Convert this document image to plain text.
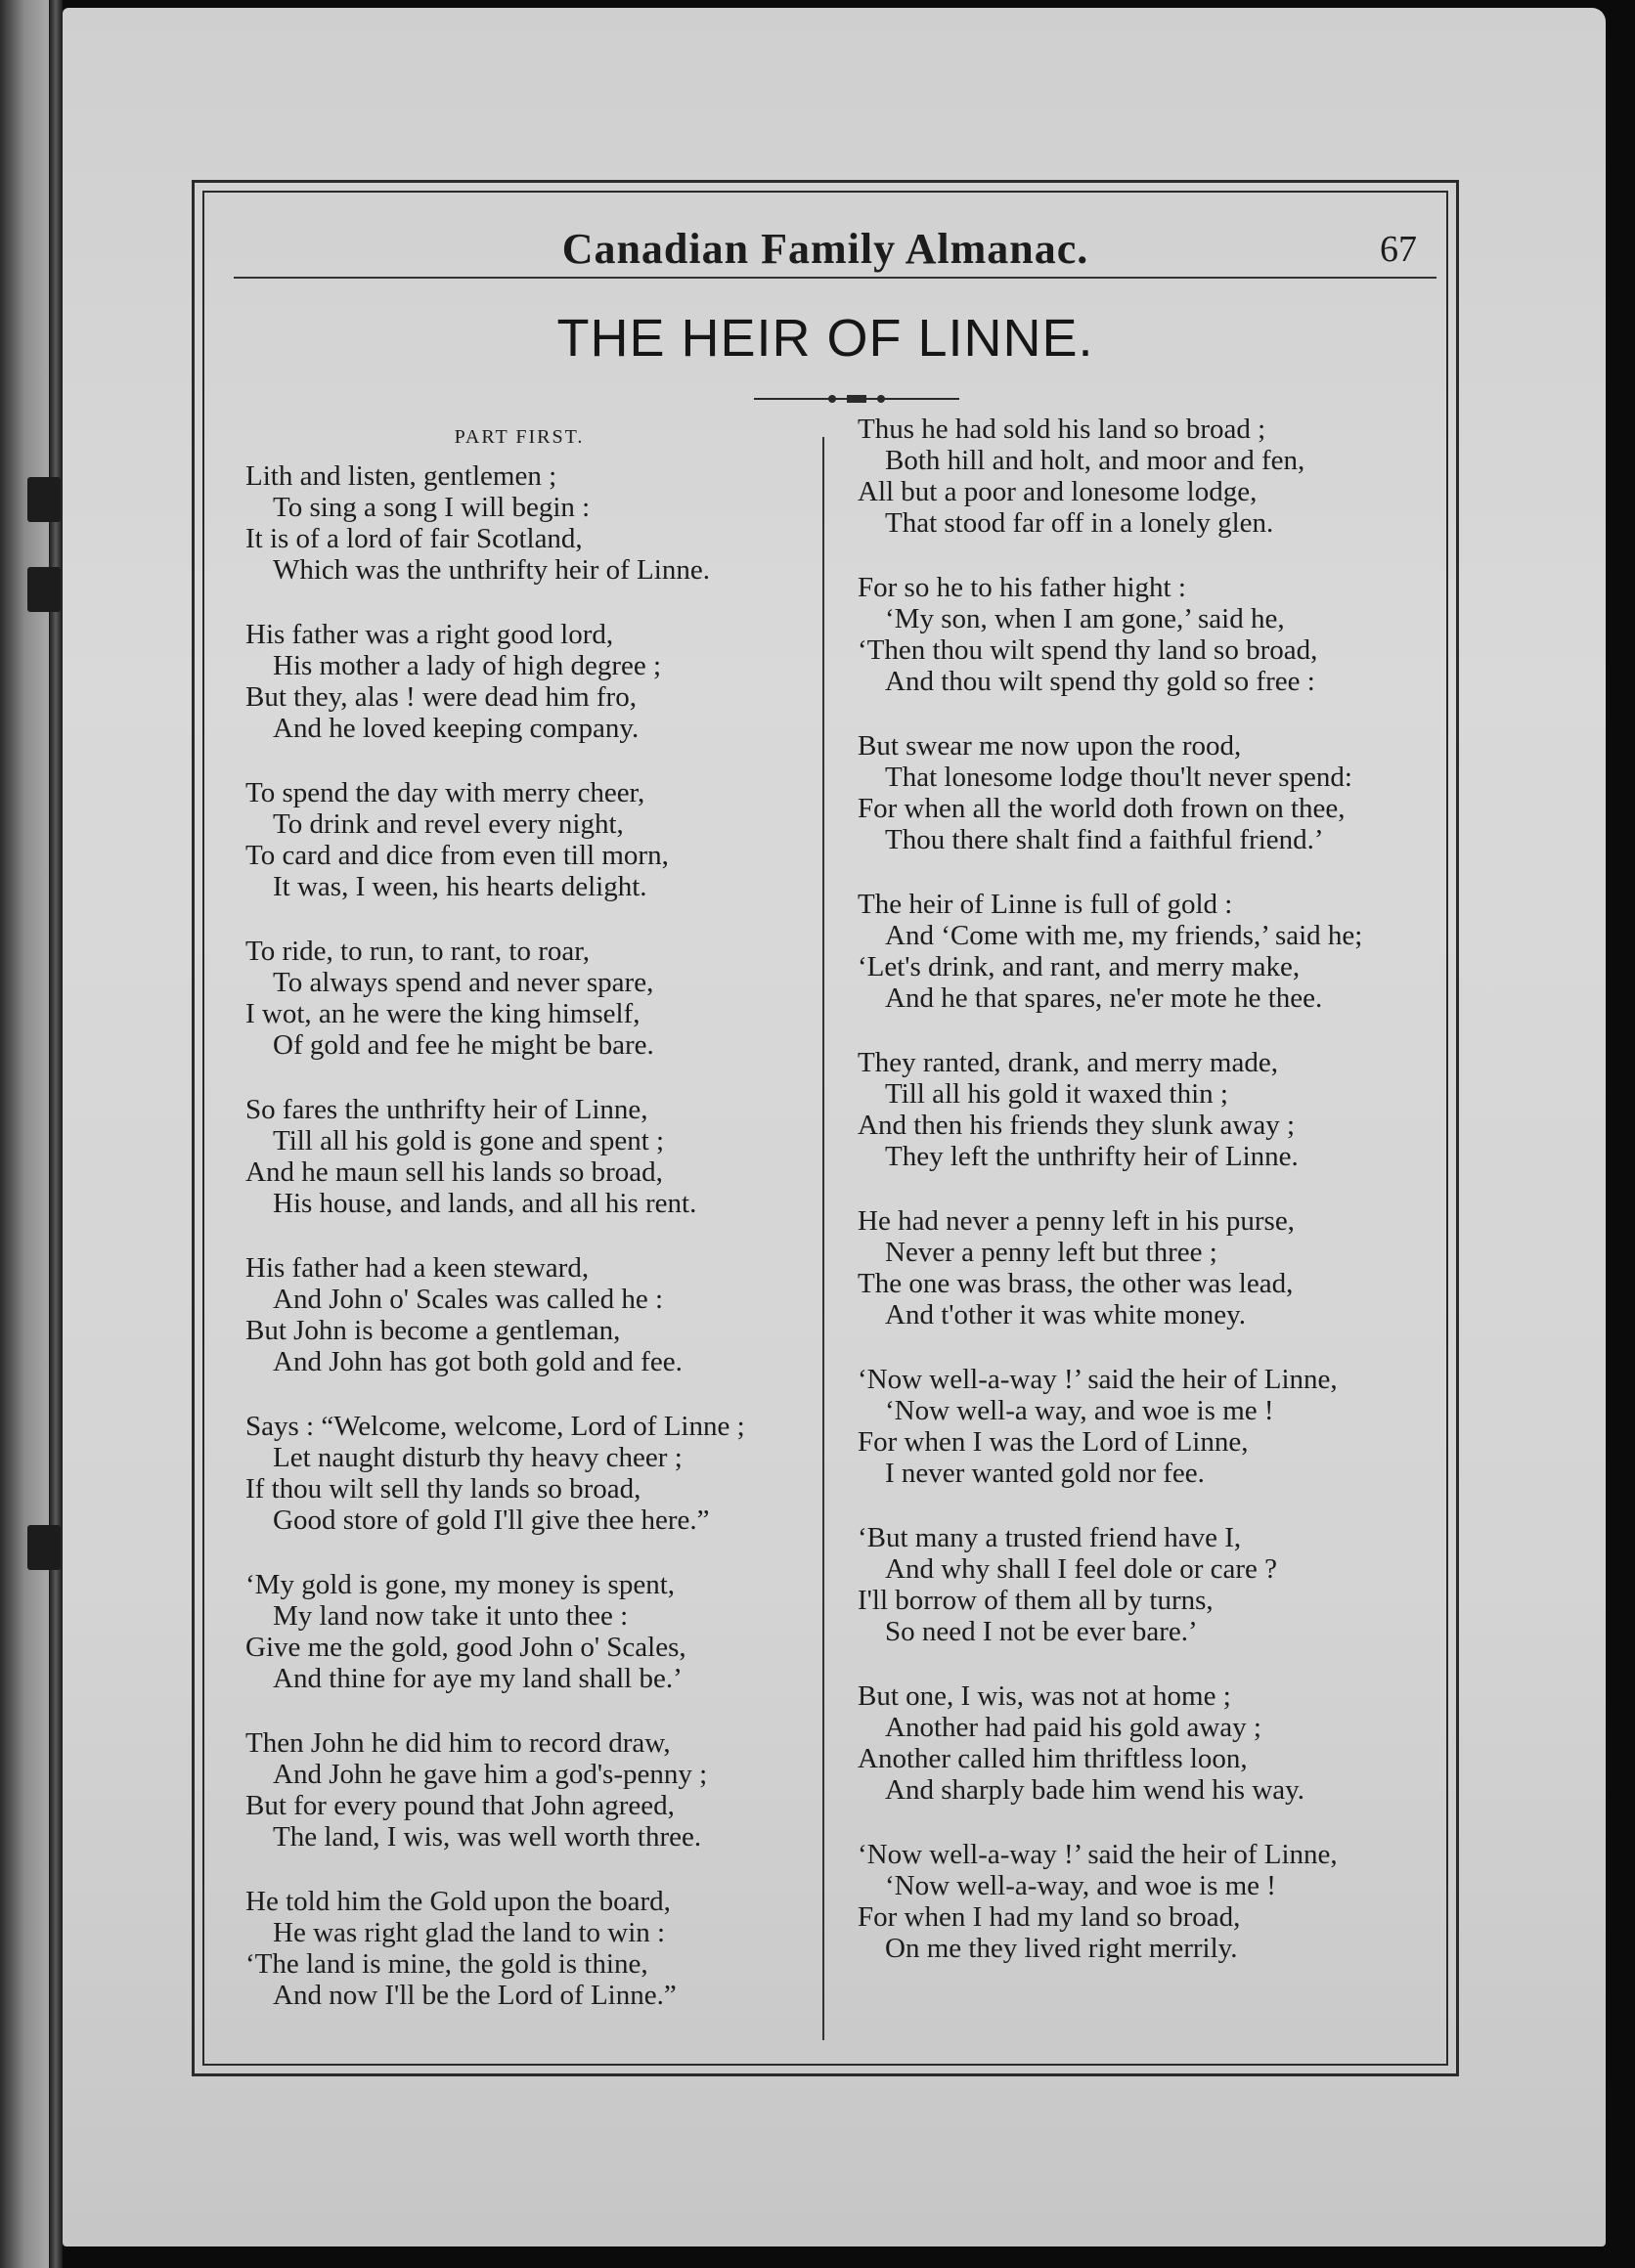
Canadian Family Almanac.	67
THE HEIR OF LINNE.
PART FIRST.
Lith and listen, gentlemen ;
To sing a song I will begin :
It is of a lord of fair Scotland,
Which was the unthrifty heir of Linne.
His father was a right good lord,
His mother a lady of high degree ;
But they, alas ! were dead him fro,
And he loved keeping company.
To spend the day with merry cheer,
To drink and revel every night,
To card and dice from even till morn,
It was, I ween, his hearts delight.
To ride, to run, to rant, to roar,
To always spend and never spare,
I wot, an he were the king himself,
Of gold and fee he might be bare.
So fares the unthrifty heir of Linne,
Till all his gold is gone and spent ;
And he maun sell his lands so broad,
His house, and lands, and all his rent.
His father had a keen steward,
And John o' Scales was called he :
But John is become a gentleman,
And John has got both gold and fee.
Says : “Welcome, welcome, Lord of Linne ;
Let naught disturb thy heavy cheer ;
If thou wilt sell thy lands so broad,
Good store of gold I'll give thee here.”
‘My gold is gone, my money is spent,
My land now take it unto thee :
Give me the gold, good John o' Scales,
And thine for aye my land shall be.’
Then John he did him to record draw,
And John he gave him a god's-penny ;
But for every pound that John agreed,
The land, I wis, was well worth three.
He told him the Gold upon the board,
He was right glad the land to win :
‘The land is mine, the gold is thine,
And now I'll be the Lord of Linne.”
Thus he had sold his land so broad ;
Both hill and holt, and moor and fen,
All but a poor and lonesome lodge,
That stood far off in a lonely glen.
For so he to his father hight :
‘My son, when I am gone,’ said he,
‘Then thou wilt spend thy land so broad,
And thou wilt spend thy gold so free :
But swear me now upon the rood,
That lonesome lodge thou'lt never spend:
For when all the world doth frown on thee,
Thou there shalt find a faithful friend.’
The heir of Linne is full of gold :
And ‘Come with me, my friends,’ said he;
‘Let's drink, and rant, and merry make,
And he that spares, ne'er mote he thee.
They ranted, drank, and merry made,
Till all his gold it waxed thin ;
And then his friends they slunk away ;
They left the unthrifty heir of Linne.
He had never a penny left in his purse,
Never a penny left but three ;
The one was brass, the other was lead,
And t'other it was white money.
‘Now well-a-way !’ said the heir of Linne,
‘Now well-a way, and woe is me !
For when I was the Lord of Linne,
I never wanted gold nor fee.
‘But many a trusted friend have I,
And why shall I feel dole or care ?
I'll borrow of them all by turns,
So need I not be ever bare.’
But one, I wis, was not at home ;
Another had paid his gold away ;
Another called him thriftless loon,
And sharply bade him wend his way.
‘Now well-a-way !’ said the heir of Linne,
‘Now well-a-way, and woe is me !
For when I had my land so broad,
On me they lived right merrily.
